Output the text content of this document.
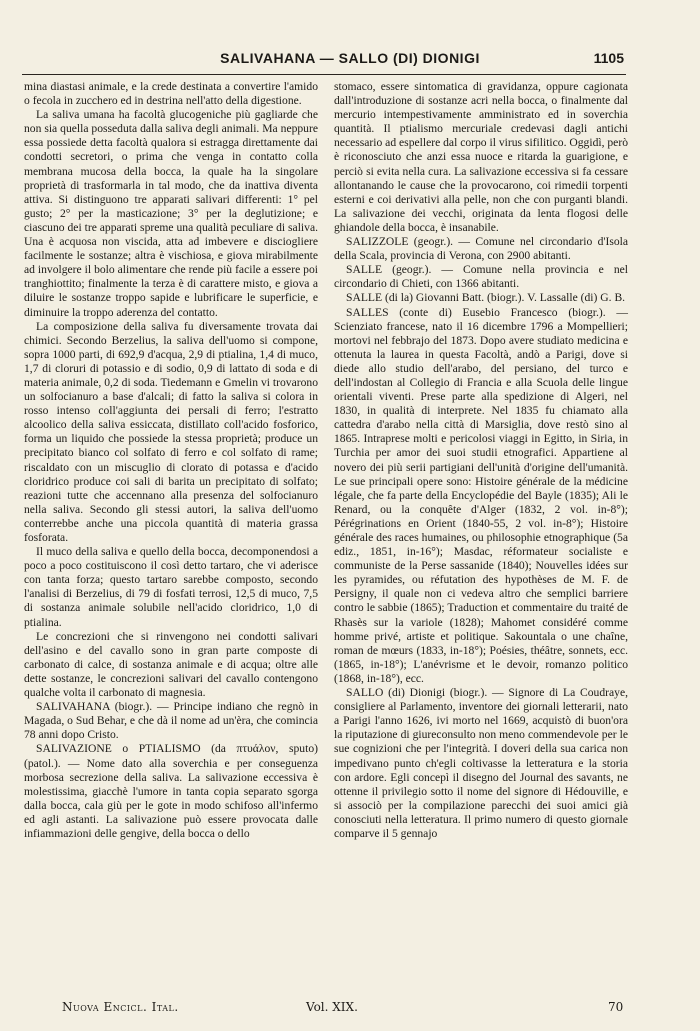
SALIVAHANA — SALLO (DI) DIONIGI	1105

mina diastasi animale, e la crede destinata a convertire l'amido o fecola in zucchero ed in destrina nell'atto della digestione.

La saliva umana ha facoltà glucogeniche più gagliarde che non sia quella posseduta dalla saliva degli animali. Ma neppure essa possiede detta facoltà qualora si estragga direttamente dai condotti secretori, o prima che venga in contatto colla membrana mucosa della bocca, la quale ha la singolare proprietà di trasformarla in tal modo, che da inattiva diventa attiva. Si distinguono tre apparati salivari differenti: 1° pel gusto; 2° per la masticazione; 3° per la deglutizione; e ciascuno dei tre apparati spreme una qualità peculiare di saliva. Una è acquosa non viscida, atta ad imbevere e disciogliere facilmente le sostanze; altra è vischiosa, e giova mirabilmente ad involgere il bolo alimentare che rende più facile a essere poi tranghiottito; finalmente la terza è di carattere misto, e giova a diluire le sostanze troppo sapide e lubrificare le superficie, e diminuire la troppo aderenza del contatto.

La composizione della saliva fu diversamente trovata dai chimici. Secondo Berzelius, la saliva dell'uomo si compone, sopra 1000 parti, di 692,9 d'acqua, 2,9 di ptialina, 1,4 di muco, 1,7 di cloruri di potassio e di sodio, 0,9 di lattato di soda e di materia animale, 0,2 di soda. Tiedemann e Gmelin vi trovarono un solfocianuro a base d'alcali; di fatto la saliva si colora in rosso intenso coll'aggiunta dei persali di ferro; l'estratto alcoolico della saliva essiccata, distillato coll'acido fosforico, forma un liquido che possiede la stessa proprietà; produce un precipitato bianco col solfato di ferro e col solfato di rame; riscaldato con un miscuglio di clorato di potassa e d'acido cloridrico produce coi sali di barita un precipitato di solfato; reazioni tutte che accennano alla presenza del solfocianuro nella saliva. Secondo gli stessi autori, la saliva dell'uomo conterrebbe anche una piccola quantità di materia grassa fosforata.

Il muco della saliva e quello della bocca, decomponendosi a poco a poco costituiscono il così detto tartaro, che vi aderisce con tanta forza; questo tartaro sarebbe composto, secondo l'analisi di Berzelius, di 79 di fosfati terrosi, 12,5 di muco, 7,5 di sostanza animale solubile nell'acido cloridrico, 1,0 di ptialina.

Le concrezioni che si rinvengono nei condotti salivari dell'asino e del cavallo sono in gran parte composte di carbonato di calce, di sostanza animale e di acqua; oltre alle dette sostanze, le concrezioni salivari del cavallo contengono qualche volta il carbonato di magnesia.

SALIVAHANA (biogr.). — Principe indiano che regnò in Magada, o Sud Behar, e che dà il nome ad un'èra, che comincia 78 anni dopo Cristo.

SALIVAZIONE o PTIALISMO (da πτυάλον, sputo) (patol.). — Nome dato alla soverchia e per conseguenza morbosa secrezione della saliva. La salivazione eccessiva è molestissima, giacchè l'umore in tanta copia separato sgorga dalla bocca, cala giù per le gote in modo schifoso all'infermo ed agli astanti. La salivazione può essere provocata dalle infiammazioni delle gengive, della bocca o dello

stomaco, essere sintomatica di gravidanza, oppure cagionata dall'introduzione di sostanze acri nella bocca, o finalmente dal mercurio intempestivamente amministrato ed in soverchia quantità. Il ptialismo mercuriale credevasi dagli antichi necessario ad espellere dal corpo il virus sifilitico. Oggidì, però è riconosciuto che anzi essa nuoce e ritarda la guarigione, e perciò si evita nella cura. La salivazione eccessiva si fa cessare allontanando le cause che la provocarono, coi rimedii torpenti esterni e coi derivativi alla pelle, non che con purganti blandi. La salivazione dei vecchi, originata da lenta flogosi delle ghiandole della bocca, è insanabile.

SALIZZOLE (geogr.). — Comune nel circondario d'Isola della Scala, provincia di Verona, con 2900 abitanti.

SALLE (geogr.). — Comune nella provincia e nel circondario di Chieti, con 1366 abitanti.

SALLE (di la) Giovanni Batt. (biogr.). V. Lassalle (di) G. B.

SALLES (conte di) Eusebio Francesco (biogr.). — Scienziato francese, nato il 16 dicembre 1796 a Mompellieri; mortovi nel febbrajo del 1873. Dopo avere studiato medicina e ottenuta la laurea in questa Facoltà, andò a Parigi, dove si diede allo studio dell'arabo, del persiano, del turco e dell'indostan al Collegio di Francia e alla Scuola delle lingue orientali viventi. Prese parte alla spedizione di Algeri, nel 1830, in qualità di interprete. Nel 1835 fu chiamato alla cattedra d'arabo nella città di Marsiglia, dove restò sino al 1865. Intraprese molti e pericolosi viaggi in Egitto, in Siria, in Turchia per amor dei suoi studii etnografici. Appartiene al novero dei più serii partigiani dell'unità d'origine dell'umanità. Le sue principali opere sono: Histoire générale de la médicine légale, che fa parte della Encyclopédie del Bayle (1835); Ali le Renard, ou la conquête d'Alger (1832, 2 vol. in-8°); Pérégrinations en Orient (1840-55, 2 vol. in-8°); Histoire générale des races humaines, ou philosophie etnographique (5a ediz., 1851, in-16°); Masdac, réformateur socialiste e communiste de la Perse sassanide (1840); Nouvelles idées sur les pyramides, ou réfutation des hypothèses de M. F. de Persigny, il quale non ci vedeva altro che semplici barriere contro le sabbie (1865); Traduction et commentaire du traité de Rhasès sur la variole (1828); Mahomet considéré comme homme privé, artiste et politique. Sakountala o une chaîne, roman de mœurs (1833, in-18°); Poésies, théâtre, sonnets, ecc. (1865, in-18°); L'anévrisme et le devoir, romanzo politico (1868, in-18°), ecc.

SALLO (di) Dionigi (biogr.). — Signore di La Coudraye, consigliere al Parlamento, inventore dei giornali letterarii, nato a Parigi l'anno 1626, ivi morto nel 1669, acquistò di buon'ora la riputazione di giureconsulto non meno commendevole per le sue cognizioni che per l'integrità. I doveri della sua carica non impedivano punto ch'egli coltivasse la letteratura e la storia con ardore. Egli concepì il disegno del Journal des savants, ne ottenne il privilegio sotto il nome del signore di Hédouville, e si associò per la compilazione parecchi dei suoi amici già conosciuti nella letteratura. Il primo numero di questo giornale comparve il 5 gennajo

Nuova Encicl. Ital.	Vol. XIX.	70
